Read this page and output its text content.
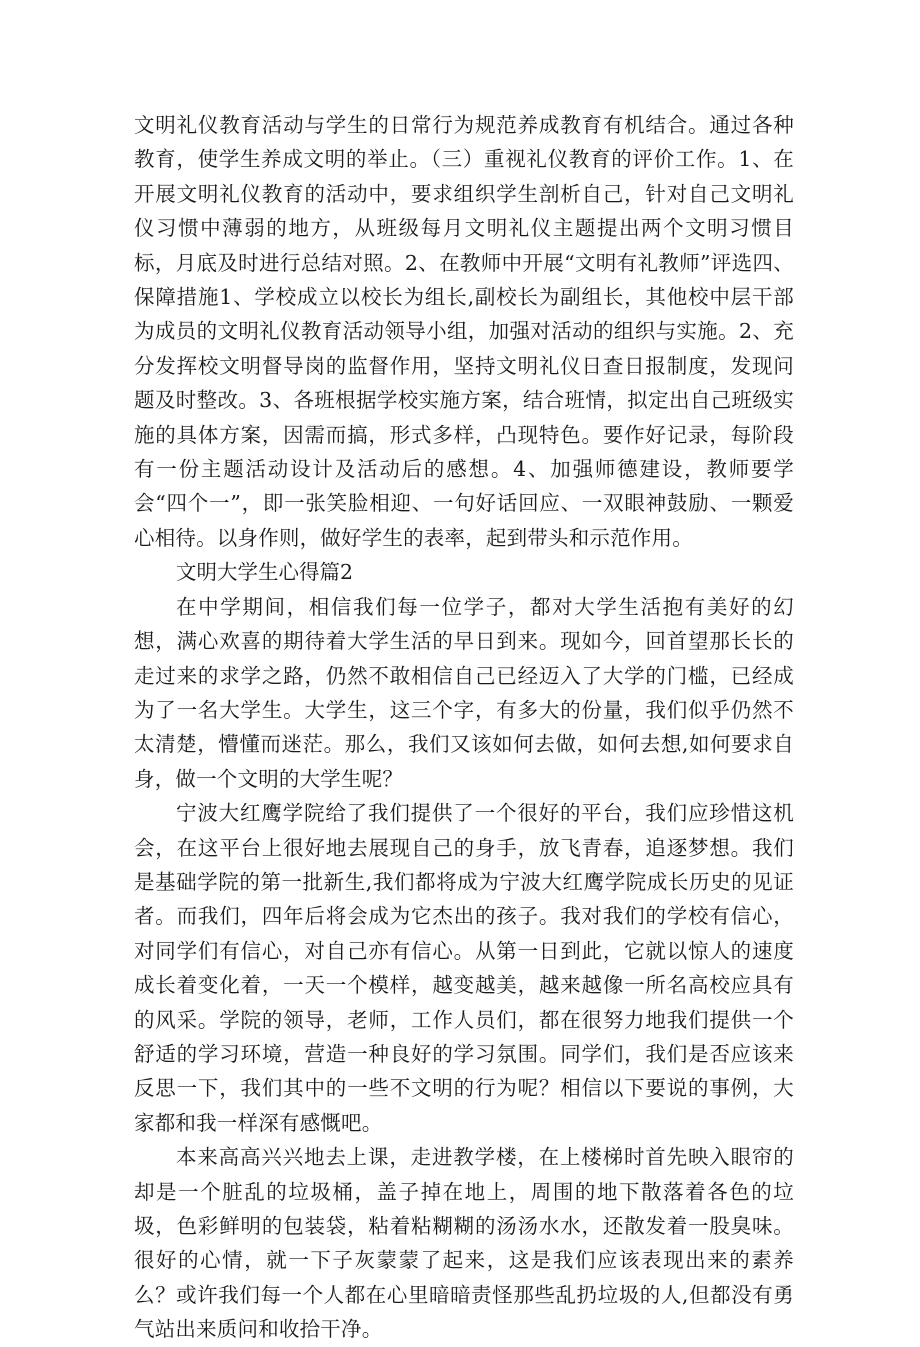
文明礼仪教育活动与学生的日常行为规范养成教育有机结合。通过各种教育，使学生养成文明的举止。（三）重视礼仪教育的评价工作。1、在开展文明礼仪教育的活动中，要求组织学生剖析自己，针对自己文明礼仪习惯中薄弱的地方，从班级每月文明礼仪主题提出两个文明习惯目标，月底及时进行总结对照。2、在教师中开展“文明有礼教师”评选四、保障措施1、学校成立以校长为组长,副校长为副组长，其他校中层干部为成员的文明礼仪教育活动领导小组，加强对活动的组织与实施。2、充分发挥校文明督导岗的监督作用，坚持文明礼仪日查日报制度，发现问题及时整改。3、各班根据学校实施方案，结合班情，拟定出自己班级实施的具体方案，因需而搞，形式多样，凸现特色。要作好记录，每阶段有一份主题活动设计及活动后的感想。4、加强师德建设，教师要学会“四个一”，即一张笑脸相迎、一句好话回应、一双眼神鼓励、一颗爱心相待。以身作则，做好学生的表率，起到带头和示范作用。

文明大学生心得篇2

在中学期间，相信我们每一位学子，都对大学生活抱有美好的幻想，满心欢喜的期待着大学生活的早日到来。现如今，回首望那长长的走过来的求学之路，仍然不敢相信自己已经迈入了大学的门槛，已经成为了一名大学生。大学生，这三个字，有多大的份量，我们似乎仍然不太清楚，懵懂而迷茫。那么，我们又该如何去做，如何去想,如何要求自身，做一个文明的大学生呢？

宁波大红鹰学院给了我们提供了一个很好的平台，我们应珍惜这机会，在这平台上很好地去展现自己的身手，放飞青春，追逐梦想。我们是基础学院的第一批新生,我们都将成为宁波大红鹰学院成长历史的见证者。而我们，四年后将会成为它杰出的孩子。我对我们的学校有信心，对同学们有信心，对自己亦有信心。从第一日到此，它就以惊人的速度成长着变化着，一天一个模样，越变越美，越来越像一所名高校应具有的风采。学院的领导，老师，工作人员们，都在很努力地我们提供一个舒适的学习环境，营造一种良好的学习氛围。同学们，我们是否应该来反思一下，我们其中的一些不文明的行为呢？相信以下要说的事例，大家都和我一样深有感慨吧。

本来高高兴兴地去上课，走进教学楼，在上楼梯时首先映入眼帘的却是一个脏乱的垃圾桶，盖子掉在地上，周围的地下散落着各色的垃圾，色彩鲜明的包装袋，粘着粘糊糊的汤汤水水，还散发着一股臭味。很好的心情，就一下子灰蒙蒙了起来，这是我们应该表现出来的素养么？或许我们每一个人都在心里暗暗责怪那些乱扔垃圾的人,但都没有勇气站出来质问和收拾干净。
